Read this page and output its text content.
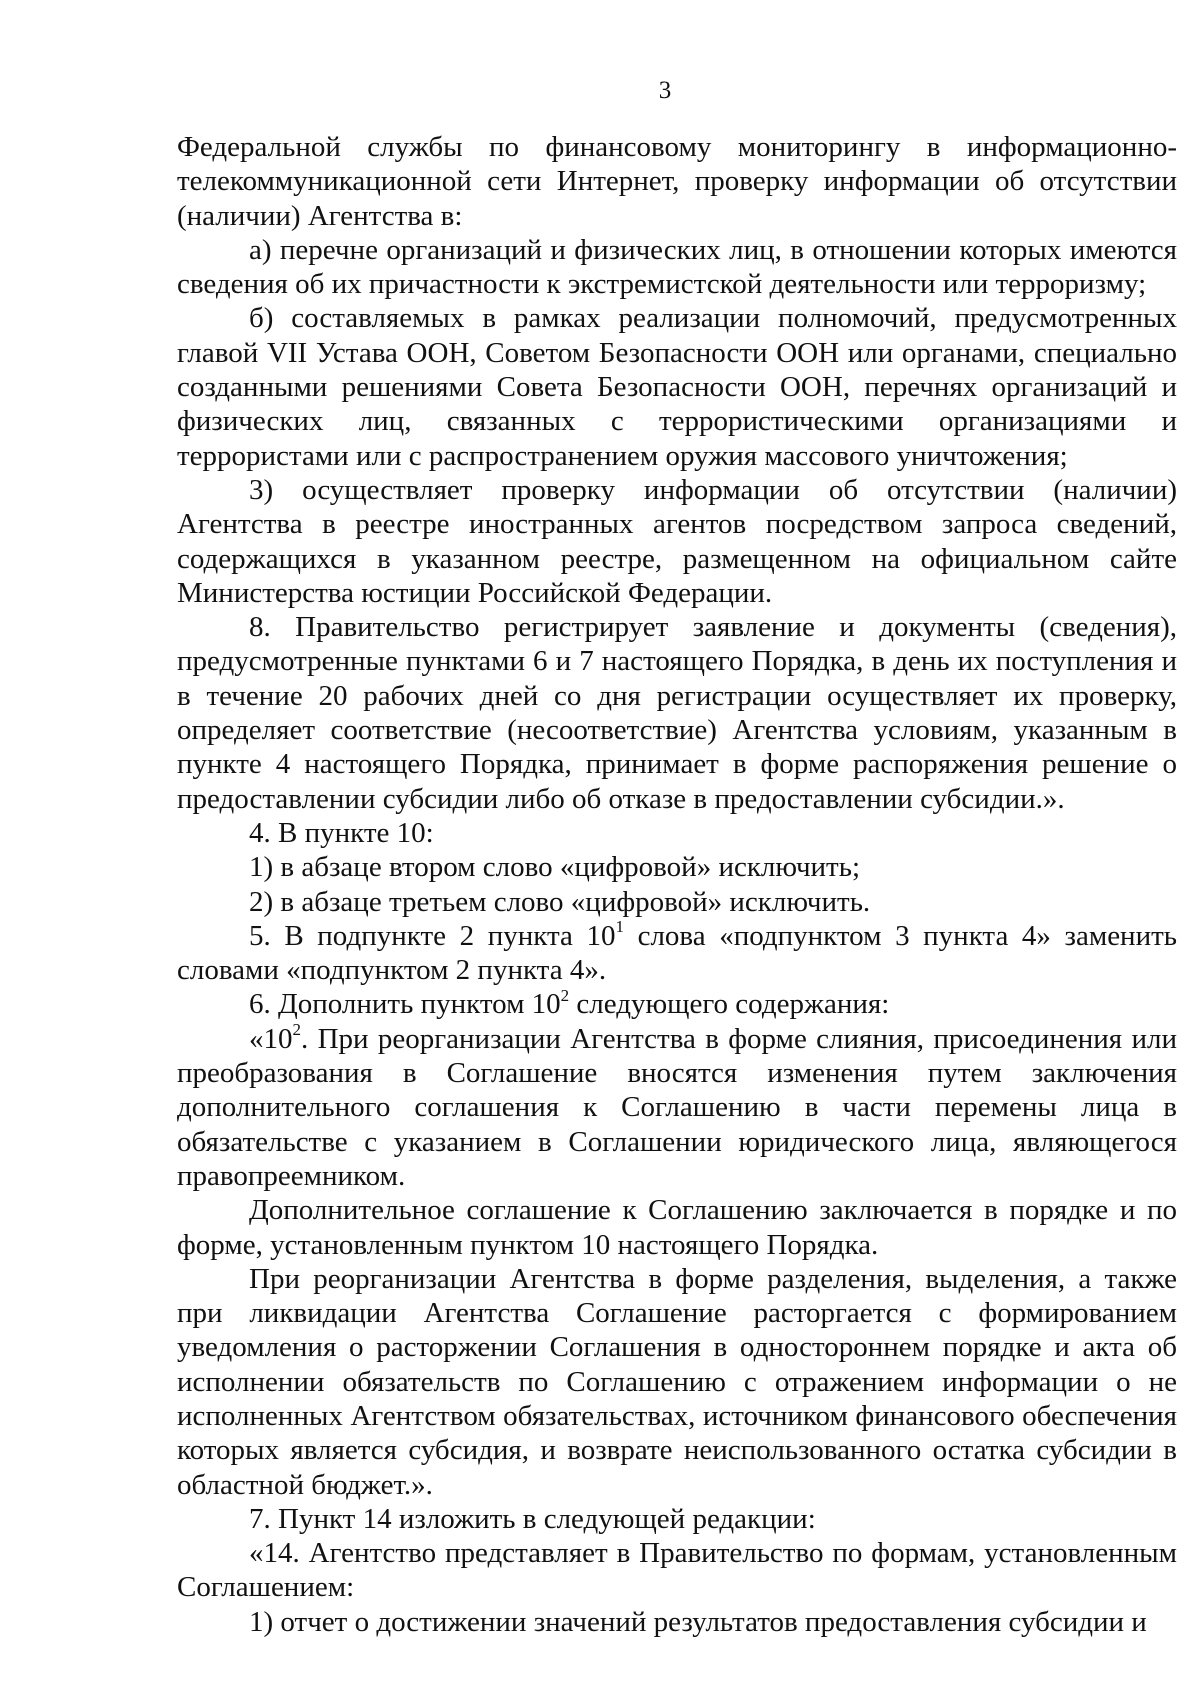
3

Федеральной службы по финансовому мониторингу в информационно-телекоммуникационной сети Интернет, проверку информации об отсутствии (наличии) Агентства в:

а) перечне организаций и физических лиц, в отношении которых имеются сведения об их причастности к экстремистской деятельности или терроризму;

б) составляемых в рамках реализации полномочий, предусмотренных главой VII Устава ООН, Советом Безопасности ООН или органами, специально созданными решениями Совета Безопасности ООН, перечнях организаций и физических лиц, связанных с террористическими организациями и террористами или с распространением оружия массового уничтожения;

3) осуществляет проверку информации об отсутствии (наличии) Агентства в реестре иностранных агентов посредством запроса сведений, содержащихся в указанном реестре, размещенном на официальном сайте Министерства юстиции Российской Федерации.

8. Правительство регистрирует заявление и документы (сведения), предусмотренные пунктами 6 и 7 настоящего Порядка, в день их поступления и в течение 20 рабочих дней со дня регистрации осуществляет их проверку, определяет соответствие (несоответствие) Агентства условиям, указанным в пункте 4 настоящего Порядка, принимает в форме распоряжения решение о предоставлении субсидии либо об отказе в предоставлении субсидии.».

4. В пункте 10:

1) в абзаце втором слово «цифровой» исключить;

2) в абзаце третьем слово «цифровой» исключить.

5. В подпункте 2 пункта $10^1$ слова «подпунктом 3 пункта 4» заменить словами «подпунктом 2 пункта 4».

6. Дополнить пунктом $10^2$ следующего содержания:

«$10^2$. При реорганизации Агентства в форме слияния, присоединения или преобразования в Соглашение вносятся изменения путем заключения дополнительного соглашения к Соглашению в части перемены лица в обязательстве с указанием в Соглашении юридического лица, являющегося правопреемником.

Дополнительное соглашение к Соглашению заключается в порядке и по форме, установленным пунктом 10 настоящего Порядка.

При реорганизации Агентства в форме разделения, выделения, а также при ликвидации Агентства Соглашение расторгается с формированием уведомления о расторжении Соглашения в одностороннем порядке и акта об исполнении обязательств по Соглашению с отражением информации о не исполненных Агентством обязательствах, источником финансового обеспечения которых является субсидия, и возврате неиспользованного остатка субсидии в областной бюджет.».

7. Пункт 14 изложить в следующей редакции:

«14. Агентство представляет в Правительство по формам, установленным Соглашением:

1) отчет о достижении значений результатов предоставления субсидии и
